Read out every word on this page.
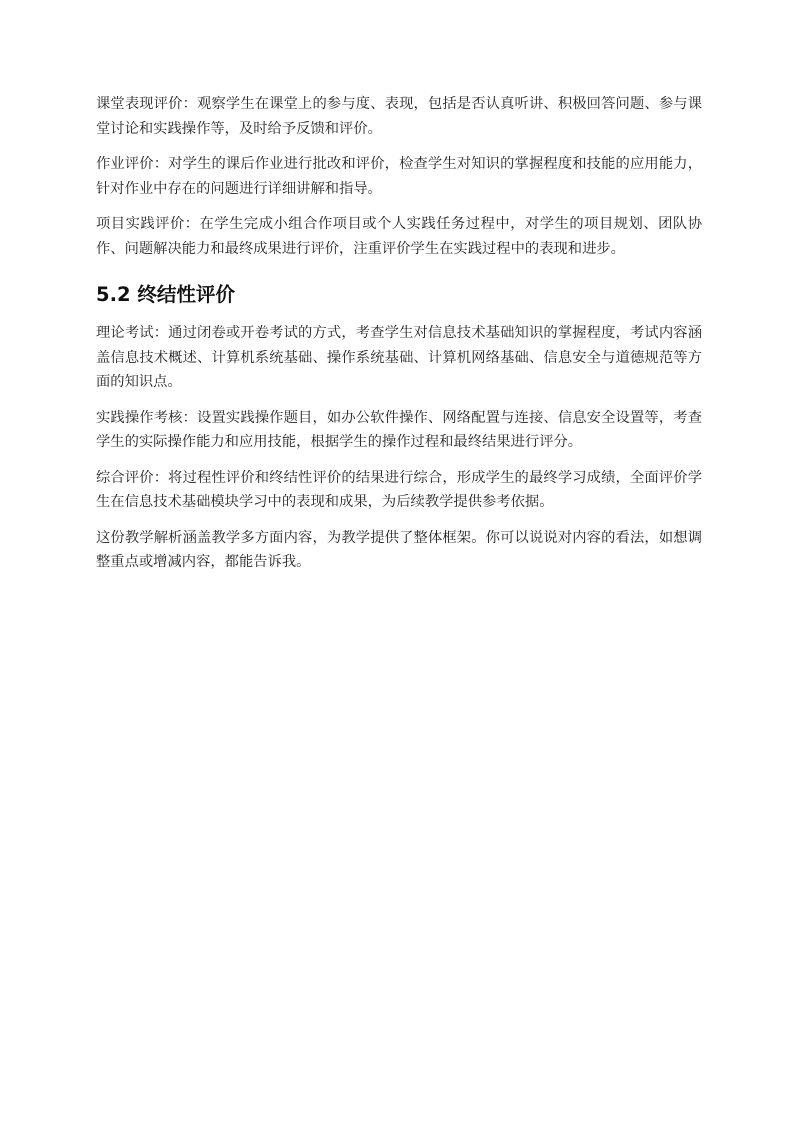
课堂表现评价：观察学生在课堂上的参与度、表现，包括是否认真听讲、积极回答问题、参与课堂讨论和实践操作等，及时给予反馈和评价。

作业评价：对学生的课后作业进行批改和评价，检查学生对知识的掌握程度和技能的应用能力，针对作业中存在的问题进行详细讲解和指导。

项目实践评价：在学生完成小组合作项目或个人实践任务过程中，对学生的项目规划、团队协作、问题解决能力和最终成果进行评价，注重评价学生在实践过程中的表现和进步。

5.2 终结性评价

理论考试：通过闭卷或开卷考试的方式，考查学生对信息技术基础知识的掌握程度，考试内容涵盖信息技术概述、计算机系统基础、操作系统基础、计算机网络基础、信息安全与道德规范等方面的知识点。

实践操作考核：设置实践操作题目，如办公软件操作、网络配置与连接、信息安全设置等，考查学生的实际操作能力和应用技能，根据学生的操作过程和最终结果进行评分。

综合评价：将过程性评价和终结性评价的结果进行综合，形成学生的最终学习成绩，全面评价学生在信息技术基础模块学习中的表现和成果，为后续教学提供参考依据。

这份教学解析涵盖教学多方面内容，为教学提供了整体框架。你可以说说对内容的看法，如想调整重点或增减内容，都能告诉我。
